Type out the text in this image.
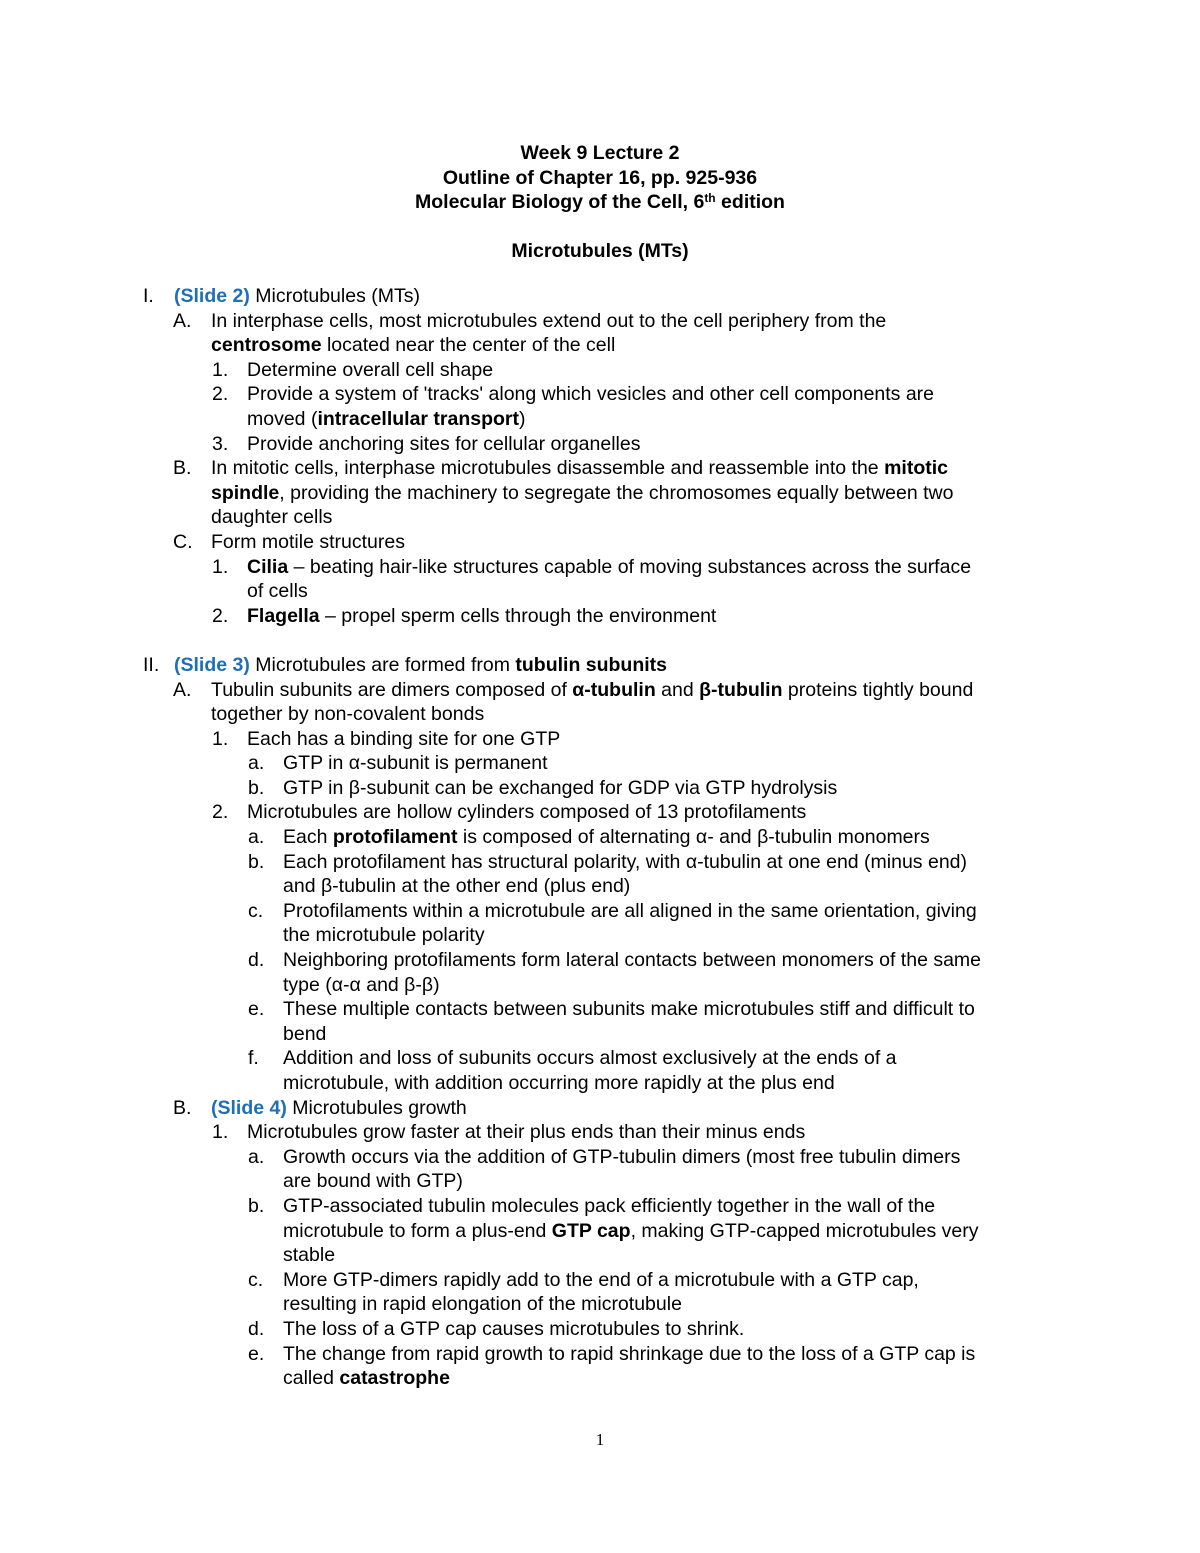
Week 9 Lecture 2
Outline of Chapter 16, pp. 925-936
Molecular Biology of the Cell, 6th edition
Microtubules (MTs)
I. (Slide 2) Microtubules (MTs)
A. In interphase cells, most microtubules extend out to the cell periphery from the
centrosome located near the center of the cell
1. Determine overall cell shape
2. Provide a system of 'tracks' along which vesicles and other cell components are
moved (intracellular transport)
3. Provide anchoring sites for cellular organelles
B. In mitotic cells, interphase microtubules disassemble and reassemble into the mitotic
spindle, providing the machinery to segregate the chromosomes equally between two
daughter cells
C. Form motile structures
1. Cilia – beating hair-like structures capable of moving substances across the surface
of cells
2. Flagella – propel sperm cells through the environment
II. (Slide 3) Microtubules are formed from tubulin subunits
A. Tubulin subunits are dimers composed of α-tubulin and β-tubulin proteins tightly bound
together by non-covalent bonds
1. Each has a binding site for one GTP
a. GTP in α-subunit is permanent
b. GTP in β-subunit can be exchanged for GDP via GTP hydrolysis
2. Microtubules are hollow cylinders composed of 13 protofilaments
a. Each protofilament is composed of alternating α- and β-tubulin monomers
b. Each protofilament has structural polarity, with α-tubulin at one end (minus end)
and β-tubulin at the other end (plus end)
c. Protofilaments within a microtubule are all aligned in the same orientation, giving
the microtubule polarity
d. Neighboring protofilaments form lateral contacts between monomers of the same
type (α-α and β-β)
e. These multiple contacts between subunits make microtubules stiff and difficult to
bend
f. Addition and loss of subunits occurs almost exclusively at the ends of a
microtubule, with addition occurring more rapidly at the plus end
B. (Slide 4) Microtubules growth
1. Microtubules grow faster at their plus ends than their minus ends
a. Growth occurs via the addition of GTP-tubulin dimers (most free tubulin dimers
are bound with GTP)
b. GTP-associated tubulin molecules pack efficiently together in the wall of the
microtubule to form a plus-end GTP cap, making GTP-capped microtubules very
stable
c. More GTP-dimers rapidly add to the end of a microtubule with a GTP cap,
resulting in rapid elongation of the microtubule
d. The loss of a GTP cap causes microtubules to shrink.
e. The change from rapid growth to rapid shrinkage due to the loss of a GTP cap is
called catastrophe
1
